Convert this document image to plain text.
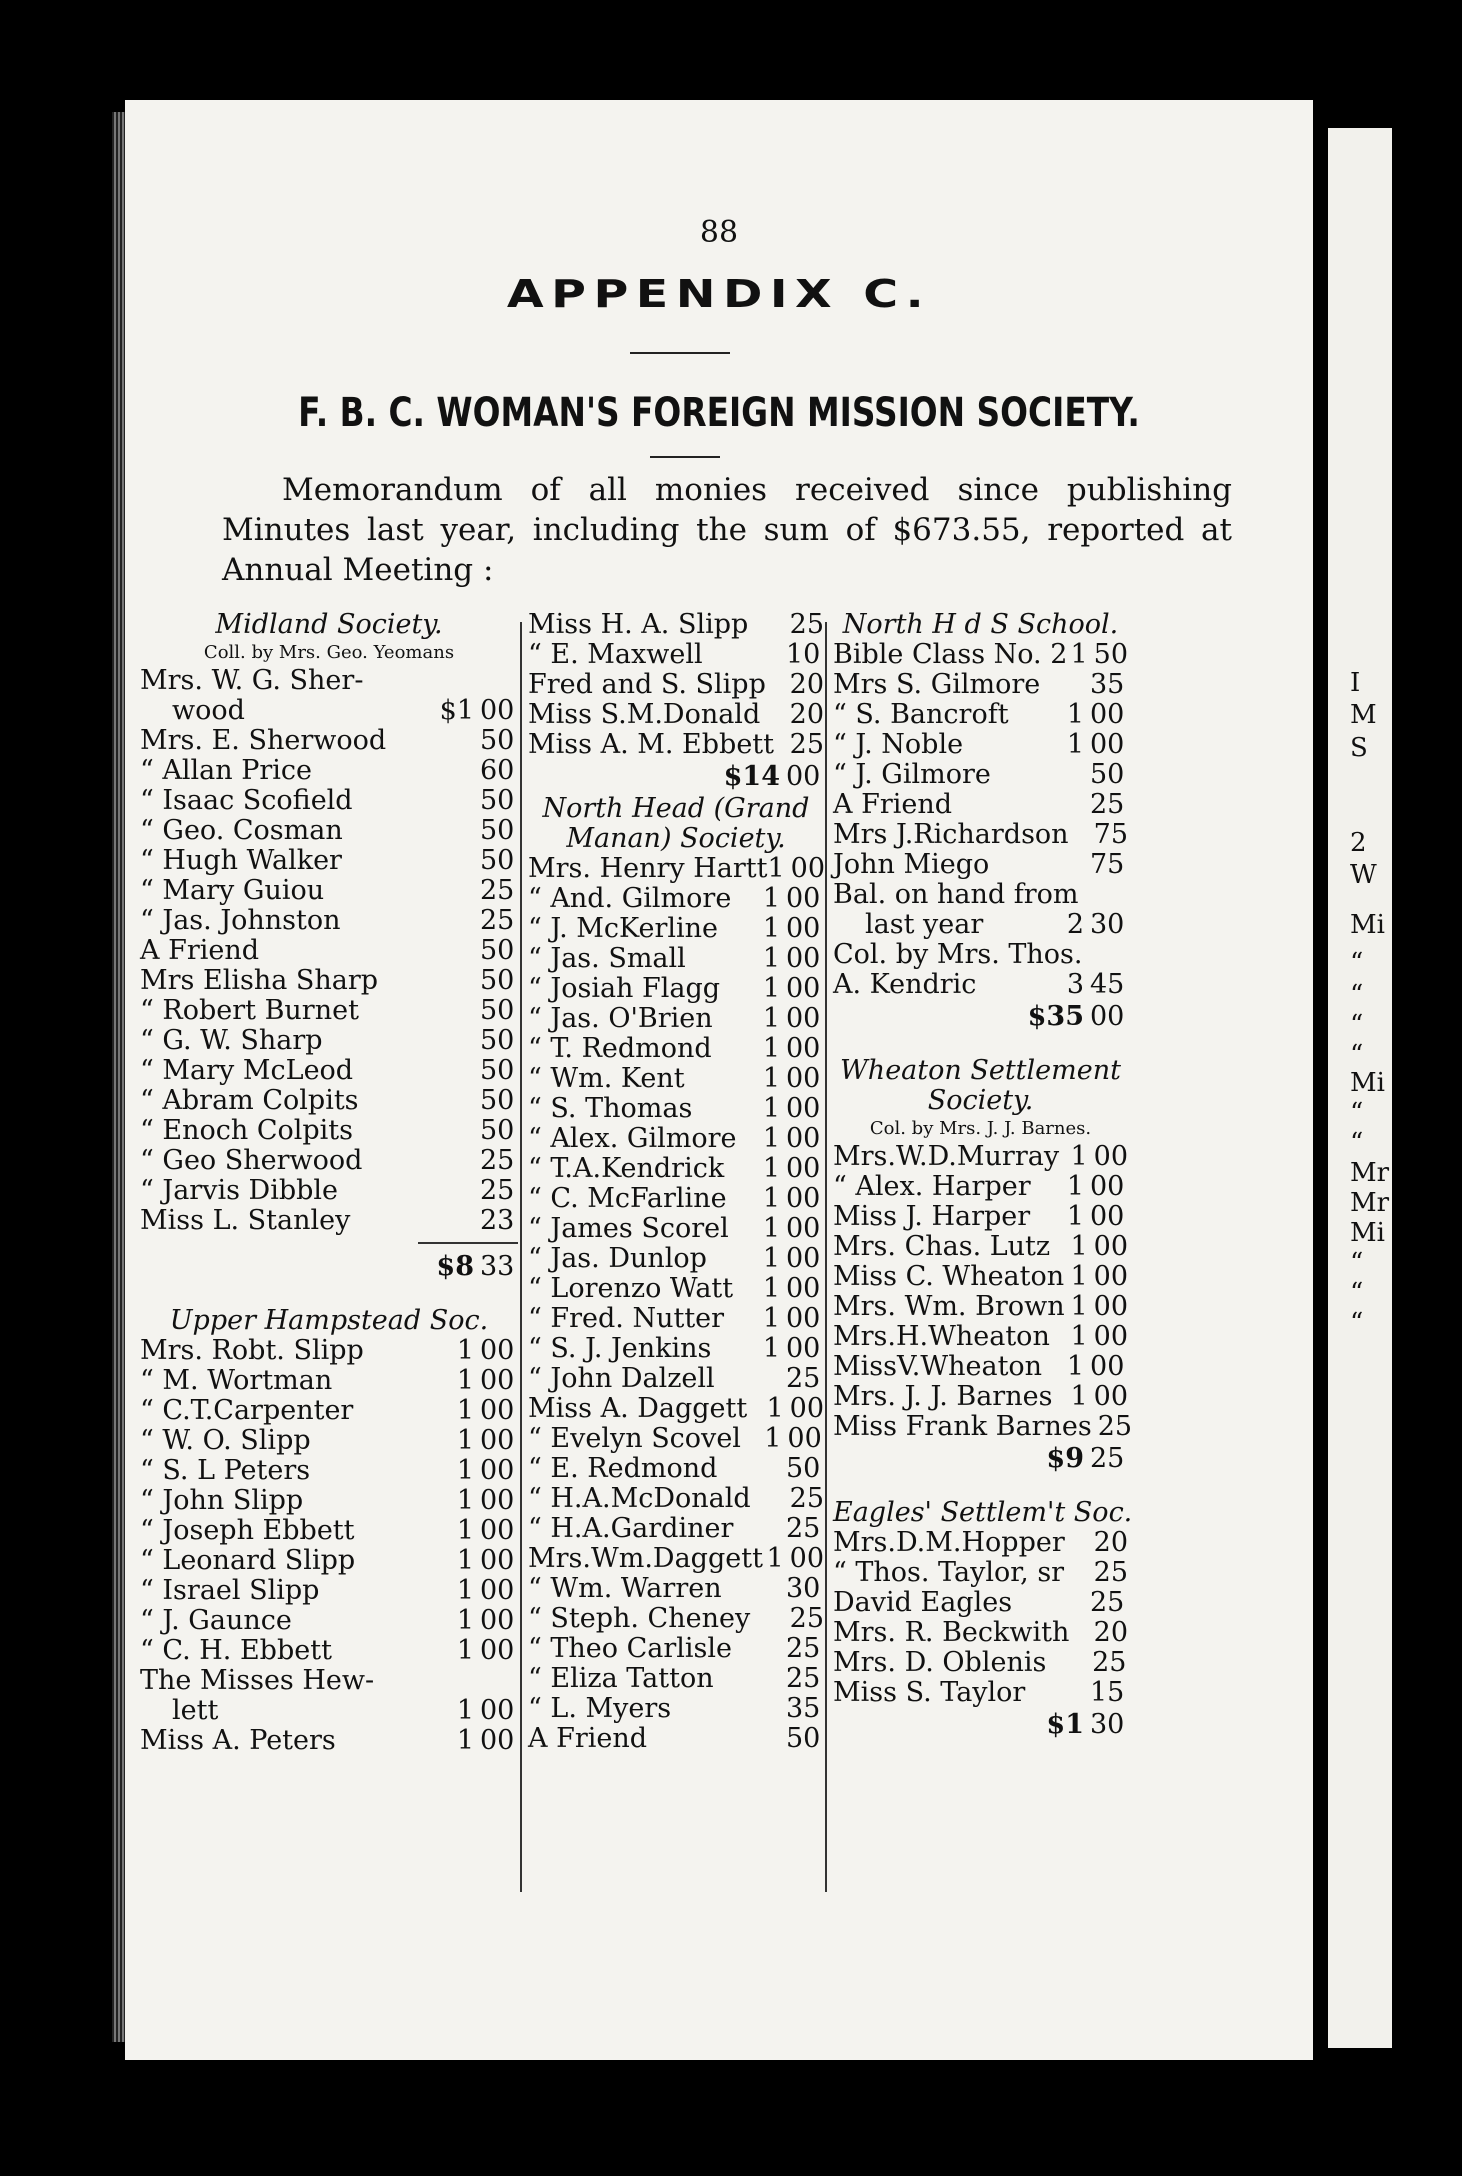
88
APPENDIX C.
F. B. C. WOMAN'S FOREIGN MISSION SOCIETY.
Memorandum of all monies received since publishing Minutes last year, including the sum of $673.55, reported at Annual Meeting :
Midland Society.
Coll. by Mrs. Geo. Yeomans
Mrs. W. G. Sher-
wood	$1 00
Mrs. E. Sherwood	50
“ Allan Price	60
“ Isaac Scofield	50
“ Geo. Cosman	50
“ Hugh Walker	50
“ Mary Guiou	25
“ Jas. Johnston	25
A Friend	50
Mrs Elisha Sharp	50
“ Robert Burnet	50
“ G. W. Sharp	50
“ Mary McLeod	50
“ Abram Colpits	50
“ Enoch Colpits	50
“ Geo Sherwood	25
“ Jarvis Dibble	25
Miss L. Stanley	23
$8 33
Upper Hampstead Soc.
Mrs. Robt. Slipp	1 00
“ M. Wortman	1 00
“ C.T.Carpenter	1 00
“ W. O. Slipp	1 00
“ S. L Peters	1 00
“ John Slipp	1 00
“ Joseph Ebbett	1 00
“ Leonard Slipp	1 00
“ Israel Slipp	1 00
“ J. Gaunce	1 00
“ C. H. Ebbett	1 00
The Misses Hew-
lett	1 00
Miss A. Peters	1 00
Miss H. A. Slipp 25
“ E. Maxwell	10
Fred and S. Slipp 20
Miss S.M.Donald 20
Miss A. M. Ebbett 25
$14 00
North Head (Grand
Manan) Society.
Mrs. Henry Hartt 1 00
“ And. Gilmore	1 00
“ J. McKerline	1 00
“ Jas. Small	1 00
“ Josiah Flagg	1 00
“ Jas. O'Brien	1 00
“ T. Redmond	1 00
“ Wm. Kent	1 00
“ S. Thomas	1 00
“ Alex. Gilmore 1 00
“ T.A.Kendrick	1 00
“ C. McFarline	1 00
“ James Scorel	1 00
“ Jas. Dunlop	1 00
“ Lorenzo Watt	1 00
“ Fred. Nutter	1 00
“ S. J. Jenkins	1 00
“ John Dalzell	25
Miss A. Daggett 1 00
“ Evelyn Scovel 1 00
“ E. Redmond	50
“ H.A.McDonald 25
“ H.A.Gardiner 25
Mrs.Wm.Daggett 1 00
“ Wm. Warren	30
“ Steph. Cheney 25
“ Theo Carlisle 25
“ Eliza Tatton	25
“ L. Myers	35
A Friend	50
North H d S School.
Bible Class No. 2 1 50
Mrs S. Gilmore 35
“ S. Bancroft	1 00
“ J. Noble	1 00
“ J. Gilmore	50
A Friend	25
Mrs J.Richardson 75
John Miego	75
Bal. on hand from
last year	2 30
Col. by Mrs. Thos.
A. Kendric	3 45
$35 00
Wheaton Settlement
Society.
Col. by Mrs. J. J. Barnes.
Mrs.W.D.Murray 1 00
“ Alex. Harper	1 00
Miss J. Harper	1 00
Mrs. Chas. Lutz 1 00
Miss C. Wheaton 1 00
Mrs. Wm. Brown 1 00
Mrs.H.Wheaton 1 00
MissV.Wheaton 1 00
Mrs. J. J. Barnes 1 00
Miss Frank Barnes 25
$9 25
Eagles' Settlem't Soc.
Mrs.D.M.Hopper 20
“ Thos. Taylor, sr 25
David Eagles	25
Mrs. R. Beckwith 20
Mrs. D. Oblenis 25
Miss S. Taylor	15
$1 30
I
M
S
2
W
Mi
“
“
“
“
Mi
“
“
Mr
Mr
Mi
“
“
“
